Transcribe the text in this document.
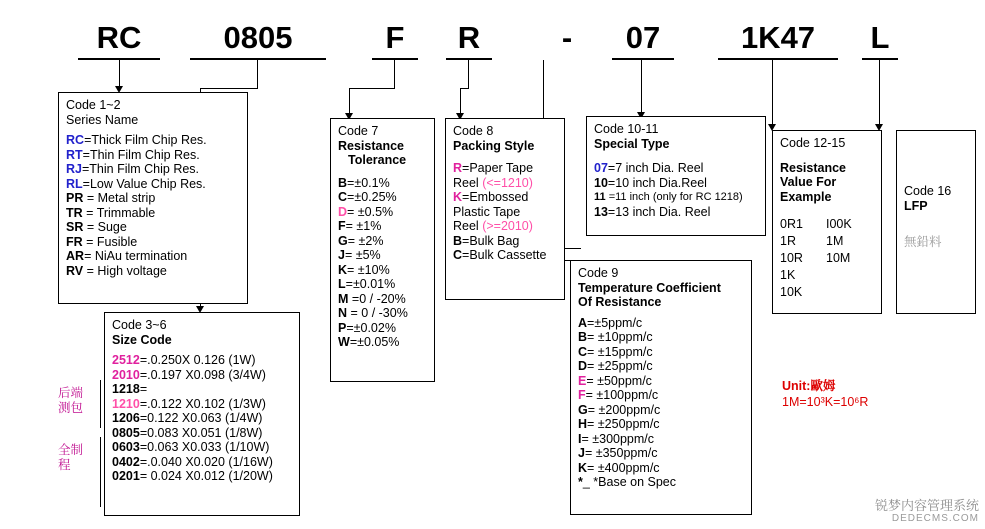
RC	0805	F	R	-	07	1K47	L
Code 1~2
Series Name
RC=Thick Film Chip Res.
RT=Thin Film Chip Res.
RJ=Thin Film Chip Res.
RL=Low Value Chip Res.
PR = Metal strip
TR = Trimmable
SR = Suge
FR = Fusible
AR= NiAu termination
RV = High voltage
Code 3~6
Size Code
2512=.0.250X 0.126 (1W)
2010=.0.197 X0.098 (3/4W)
1218=
1210=.0.122 X0.102 (1/3W)
1206=0.122 X0.063 (1/4W)
0805=0.083 X0.051 (1/8W)
0603=0.063 X0.033 (1/10W)
0402=.0.040 X0.020 (1/16W)
0201= 0.024 X0.012 (1/20W)
后端
测包
全制
程
Code 7
Resistance
Tolerance
B=±0.1%
C=±0.25%
D= ±0.5%
F= ±1%
G= ±2%
J= ±5%
K= ±10%
L=±0.01%
M =0 / -20%
N = 0 / -30%
P=±0.02%
W=±0.05%
Code 8
Packing Style
R=Paper Tape
Reel (<=1210)
K=Embossed
Plastic Tape
Reel (>=2010)
B=Bulk Bag
C=Bulk Cassette
Code 10-11
Special Type
07=7 inch Dia. Reel
10=10 inch Dia.Reel
11 =11 inch (only for RC 1218)
13=13 inch Dia. Reel
Code 9
Temperature Coefficient
Of Resistance
A=±5ppm/c
B= ±10ppm/c
C= ±15ppm/c
D= ±25ppm/c
E= ±50ppm/c
F= ±100ppm/c
G= ±200ppm/c
H= ±250ppm/c
I= ±300ppm/c
J= ±350ppm/c
K= ±400ppm/c
*_ *Base on Spec
Code 12-15
Resistance
Value For
Example
0R1 I00K
1R 1M
10R 10M
1K
10K
Code 16
LFP
無鉛料
Unit:歐姆
1M=10³K=10⁶R
锐梦内容管理系统
DEDECMS.COM
